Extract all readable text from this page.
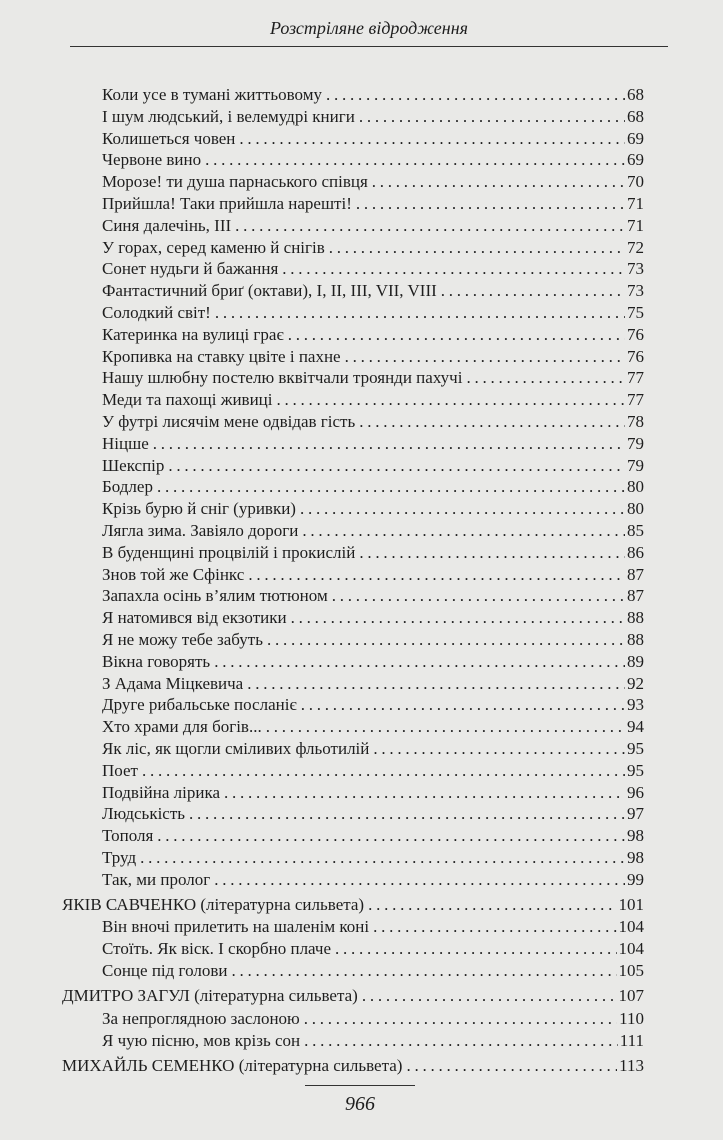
Розстріляне відродження
Коли усе в тумані життьовому . . .	68
І шум людський, і велемудрі книги . . .	68
Колишеться човен . . .	69
Червоне вино . . .	69
Морозе! ти душа парнаського співця . . .	70
Прийшла! Таки прийшла нарешті! . . .	71
Синя далечінь, III . . .	71
У горах, серед каменю й снігів . . .	72
Сонет нудьги й бажання . . .	73
Фантастичний бриґ (октави), I, II, III, VII, VIII . . .	73
Солодкий світ! . . .	75
Катеринка на вулиці грає . . .	76
Кропивка на ставку цвіте і пахне . . .	76
Нашу шлюбну постелю вквітчали троянди пахучі . . .	77
Меди та пахощі живиці . . .	77
У футрі лисячім мене одвідав гість . . .	78
Ніцше . . .	79
Шекспір . . .	79
Бодлер . . .	80
Крізь бурю й сніг (уривки) . . .	80
Лягла зима. Завіяло дороги . . .	85
В буденщині процвілій і прокислій . . .	86
Знов той же Сфінкс . . .	87
Запахла осінь в’ялим тютюном . . .	87
Я натомився від екзотики . . .	88
Я не можу тебе забуть . . .	88
Вікна говорять . . .	89
З Адама Міцкевича . . .	92
Друге рибальське посланіє . . .	93
Хто храми для богів... . . .	94
Як ліс, як щогли сміливих фльотилій . . .	95
Поет . . .	95
Подвійна лірика . . .	96
Людськість . . .	97
Тополя . . .	98
Труд . . .	98
Так, ми пролог . . .	99
ЯКІВ САВЧЕНКО (літературна сильвета) . . .	101
Він вночі прилетить на шаленім коні . . .	104
Стоїть. Як віск. І скорбно плаче . . .	104
Сонце під голови . . .	105
ДМИТРО ЗАГУЛ (літературна сильвета) . . .	107
За непроглядною заслоною . . .	110
Я чую пісню, мов крізь сон . . .	111
МИХАЙЛЬ СЕМЕНКО (літературна сильвета) . . .	113
966
